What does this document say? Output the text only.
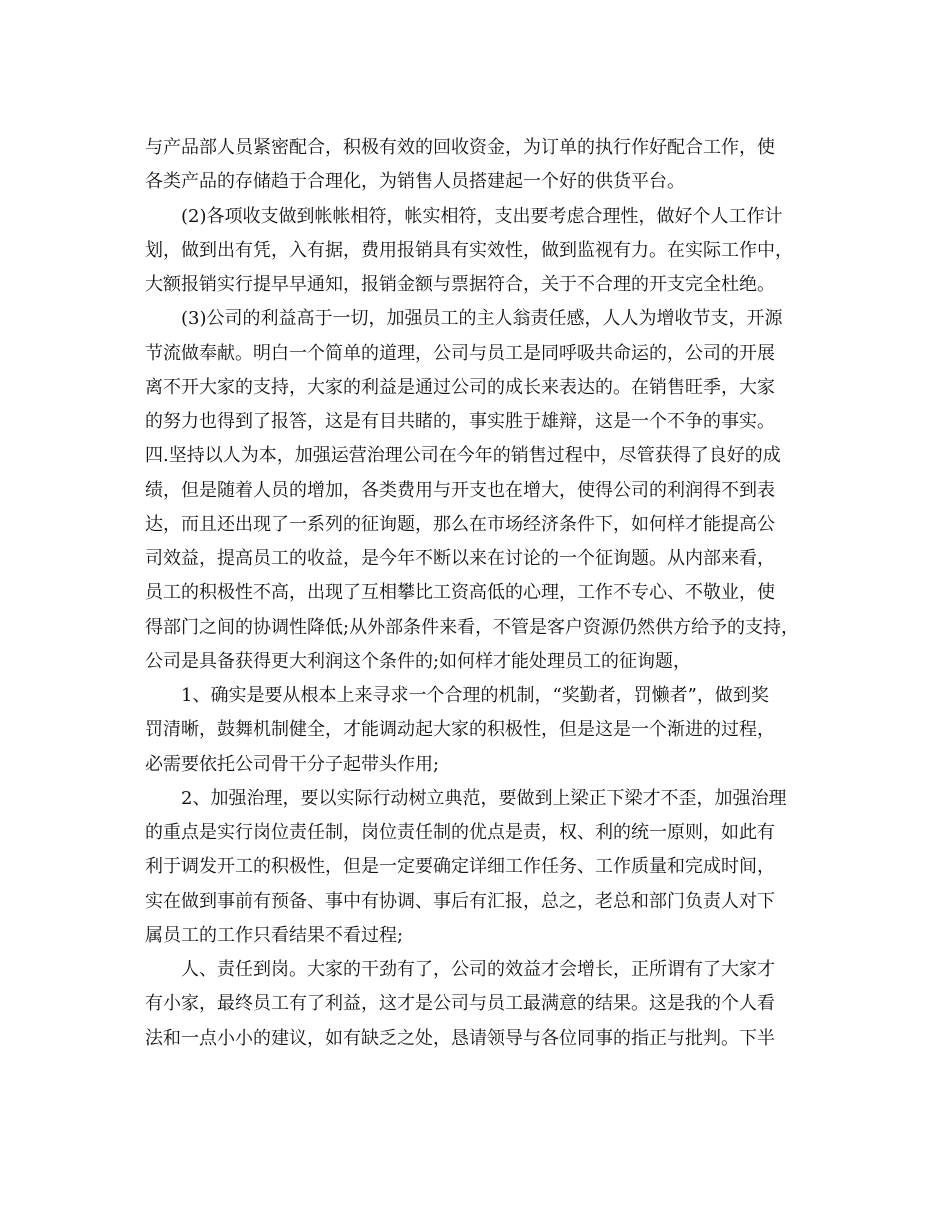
与产品部人员紧密配合，积极有效的回收资金，为订单的执行作好配合工作，使
各类产品的存储趋于合理化，为销售人员搭建起一个好的供货平台。
(2)各项收支做到帐帐相符，帐实相符，支出要考虑合理性，做好个人工作计
划，做到出有凭，入有据，费用报销具有实效性，做到监视有力。在实际工作中，
大额报销实行提早早通知，报销金额与票据符合，关于不合理的开支完全杜绝。
(3)公司的利益高于一切，加强员工的主人翁责任感，人人为增收节支，开源
节流做奉献。明白一个简单的道理，公司与员工是同呼吸共命运的，公司的开展
离不开大家的支持，大家的利益是通过公司的成长来表达的。在销售旺季，大家
的努力也得到了报答，这是有目共睹的，事实胜于雄辩，这是一个不争的事实。
四.坚持以人为本，加强运营治理公司在今年的销售过程中，尽管获得了良好的成
绩，但是随着人员的增加，各类费用与开支也在增大，使得公司的利润得不到表
达，而且还出现了一系列的征询题，那么在市场经济条件下，如何样才能提高公
司效益，提高员工的收益，是今年不断以来在讨论的一个征询题。从内部来看，
员工的积极性不高，出现了互相攀比工资高低的心理，工作不专心、不敬业，使
得部门之间的协调性降低;从外部条件来看，不管是客户资源仍然供方给予的支持，
公司是具备获得更大利润这个条件的;如何样才能处理员工的征询题，
1、确实是要从根本上来寻求一个合理的机制，“奖勤者，罚懒者”，做到奖
罚清晰，鼓舞机制健全，才能调动起大家的积极性，但是这是一个渐进的过程，
必需要依托公司骨干分子起带头作用;
2、加强治理，要以实际行动树立典范，要做到上梁正下梁才不歪，加强治理
的重点是实行岗位责任制，岗位责任制的优点是责，权、利的统一原则，如此有
利于调发开工的积极性，但是一定要确定详细工作任务、工作质量和完成时间，
实在做到事前有预备、事中有协调、事后有汇报，总之，老总和部门负责人对下
属员工的工作只看结果不看过程;
人、责任到岗。大家的干劲有了，公司的效益才会增长，正所谓有了大家才
有小家，最终员工有了利益，这才是公司与员工最满意的结果。这是我的个人看
法和一点小小的建议，如有缺乏之处，恳请领导与各位同事的指正与批判。下半
